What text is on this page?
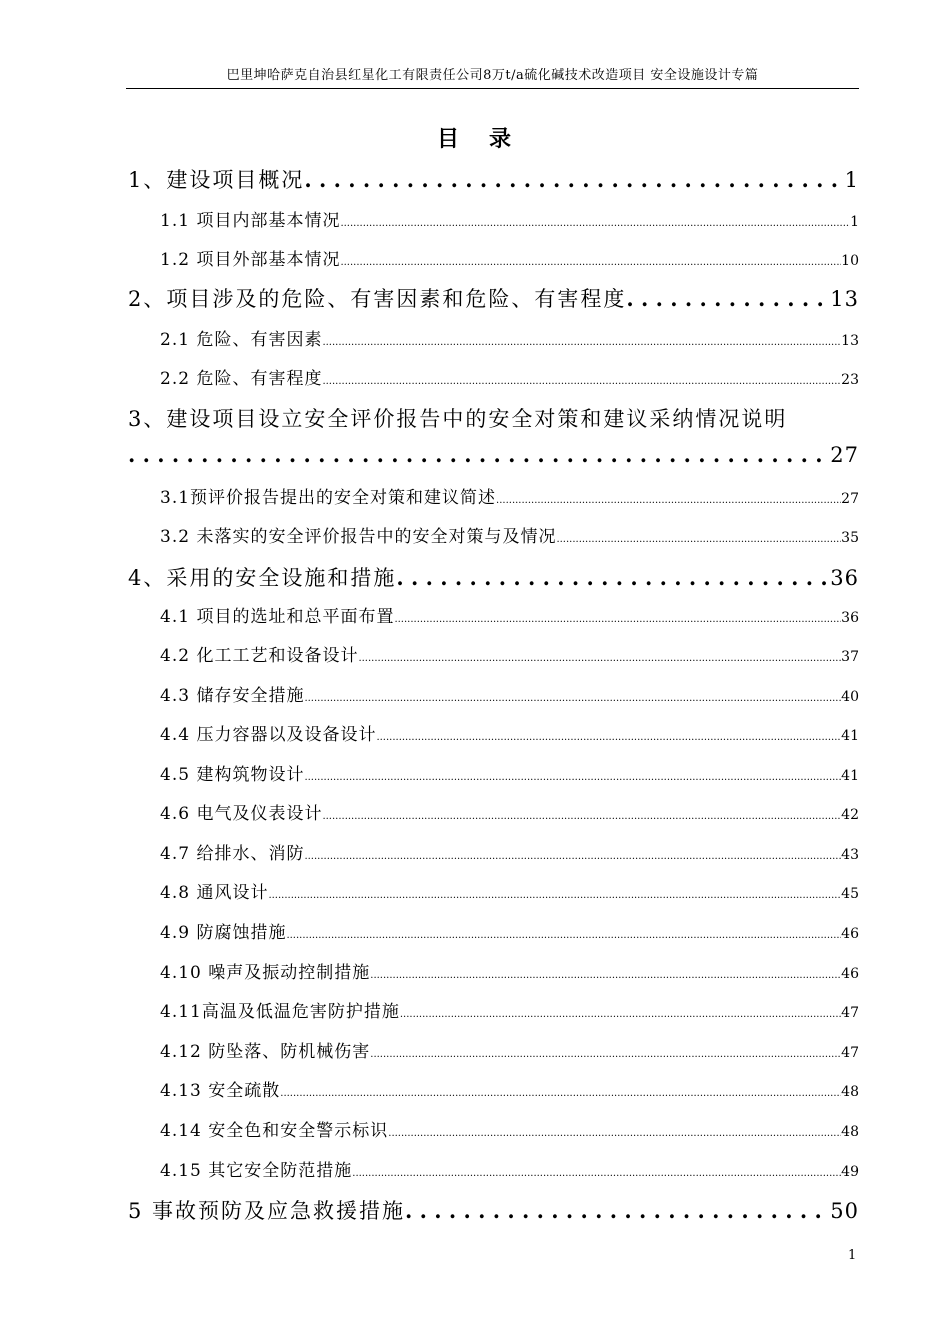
巴里坤哈萨克自治县红星化工有限责任公司8万t/a硫化碱技术改造项目 安全设施设计专篇
目 录
1、建设项目概况 . . .	1
1.1 项目内部基本情况 .....	1
1.2 项目外部基本情况 .....	10
2、项目涉及的危险、有害因素和危险、有害程度 . . .	13
2.1 危险、有害因素 .....	13
2.2 危险、有害程度 .....	23
3、建设项目设立安全评价报告中的安全对策和建议采纳情况说明
. . .
27
3.1预评价报告提出的安全对策和建议简述 .....	27
3.2 未落实的安全评价报告中的安全对策与及情况 .....	35
4、采用的安全设施和措施 . . .	36
4.1 项目的选址和总平面布置 .....	36
4.2 化工工艺和设备设计 .....	37
4.3 储存安全措施 .....	40
4.4 压力容器以及设备设计 .....	41
4.5 建构筑物设计 .....	41
4.6 电气及仪表设计 .....	42
4.7 给排水、消防 .....	43
4.8 通风设计 .....	45
4.9 防腐蚀措施 .....	46
4.10 噪声及振动控制措施 .....	46
4.11高温及低温危害防护措施 .....	47
4.12 防坠落、防机械伤害 .....	47
4.13 安全疏散 .....	48
4.14 安全色和安全警示标识 .....	48
4.15 其它安全防范措施 .....	49
5 事故预防及应急救援措施 . . .	50
1
